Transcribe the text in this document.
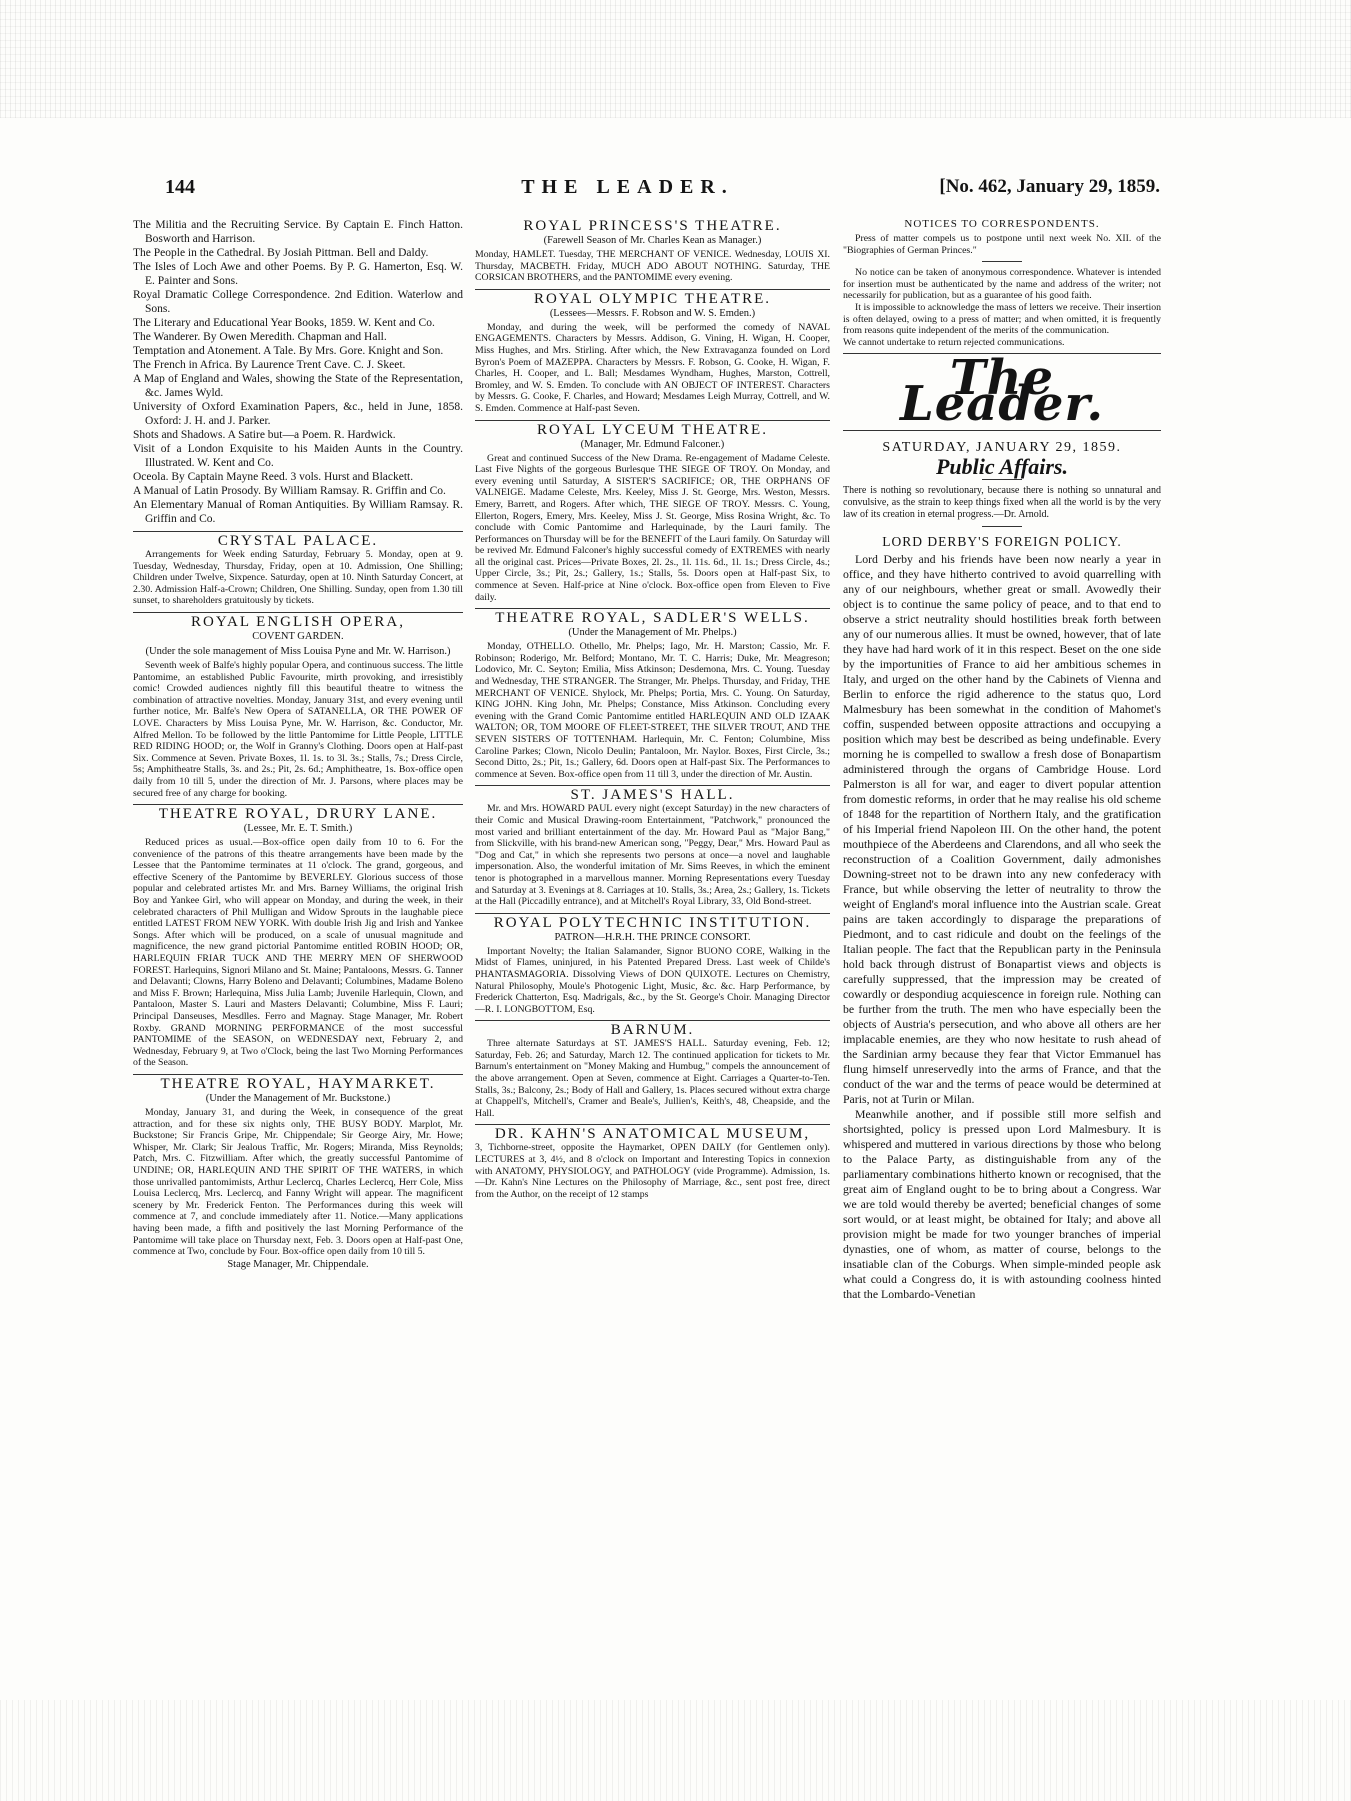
144	THE LEADER.	[No. 462, January 29, 1859.

The Militia and the Recruiting Service. By Captain E. Finch Hatton. Bosworth and Harrison.

The People in the Cathedral. By Josiah Pittman. Bell and Daldy.

The Isles of Loch Awe and other Poems. By P. G. Hamerton, Esq. W. E. Painter and Sons.

Royal Dramatic College Correspondence. 2nd Edition. Waterlow and Sons.

The Literary and Educational Year Books, 1859. W. Kent and Co.

The Wanderer. By Owen Meredith. Chapman and Hall.

Temptation and Atonement. A Tale. By Mrs. Gore. Knight and Son.

The French in Africa. By Laurence Trent Cave. C. J. Skeet.

A Map of England and Wales, showing the State of the Representation, &c. James Wyld.

University of Oxford Examination Papers, &c., held in June, 1858. Oxford: J. H. and J. Parker.

Shots and Shadows. A Satire but—a Poem. R. Hardwick.

Visit of a London Exquisite to his Maiden Aunts in the Country. Illustrated. W. Kent and Co.

Oceola. By Captain Mayne Reed. 3 vols. Hurst and Blackett.

A Manual of Latin Prosody. By William Ramsay. R. Griffin and Co.

An Elementary Manual of Roman Antiquities. By William Ramsay. R. Griffin and Co.

CRYSTAL PALACE.

Arrangements for Week ending Saturday, February 5. Monday, open at 9. Tuesday, Wednesday, Thursday, Friday, open at 10. Admission, One Shilling; Children under Twelve, Sixpence. Saturday, open at 10. Ninth Saturday Concert, at 2.30. Admission Half-a-Crown; Children, One Shilling. Sunday, open from 1.30 till sunset, to shareholders gratuitously by tickets.

ROYAL ENGLISH OPERA,
COVENT GARDEN.
(Under the sole management of Miss Louisa Pyne and Mr. W. Harrison.)

Seventh week of Balfe's highly popular Opera, and continuous success. The little Pantomime, an established Public Favourite, mirth provoking, and irresistibly comic! Crowded audiences nightly fill this beautiful theatre to witness the combination of attractive novelties. Monday, January 31st, and every evening until further notice, Mr. Balfe's New Opera of SATANELLA, OR THE POWER OF LOVE. Characters by Miss Louisa Pyne, Mr. W. Harrison, &c. Conductor, Mr. Alfred Mellon. To be followed by the little Pantomime for Little People, LITTLE RED RIDING HOOD; or, the Wolf in Granny's Clothing. Doors open at Half-past Six. Commence at Seven. Private Boxes, 1l. 1s. to 3l. 3s.; Stalls, 7s.; Dress Circle, 5s; Amphitheatre Stalls, 3s. and 2s.; Pit, 2s. 6d.; Amphitheatre, 1s. Box-office open daily from 10 till 5, under the direction of Mr. J. Parsons, where places may be secured free of any charge for booking.

THEATRE ROYAL, DRURY LANE.
(Lessee, Mr. E. T. Smith.)

Reduced prices as usual.—Box-office open daily from 10 to 6. For the convenience of the patrons of this theatre arrangements have been made by the Lessee that the Pantomime terminates at 11 o'clock. The grand, gorgeous, and effective Scenery of the Pantomime by BEVERLEY. Glorious success of those popular and celebrated artistes Mr. and Mrs. Barney Williams, the original Irish Boy and Yankee Girl, who will appear on Monday, and during the week, in their celebrated characters of Phil Mulligan and Widow Sprouts in the laughable piece entitled LATEST FROM NEW YORK. With double Irish Jig and Irish and Yankee Songs. After which will be produced, on a scale of unusual magnitude and magnificence, the new grand pictorial Pantomime entitled ROBIN HOOD; OR, HARLEQUIN FRIAR TUCK AND THE MERRY MEN OF SHERWOOD FOREST. Harlequins, Signori Milano and St. Maine; Pantaloons, Messrs. G. Tanner and Delavanti; Clowns, Harry Boleno and Delavanti; Columbines, Madame Boleno and Miss F. Brown; Harlequina, Miss Julia Lamb; Juvenile Harlequin, Clown, and Pantaloon, Master S. Lauri and Masters Delavanti; Columbine, Miss F. Lauri; Principal Danseuses, Mesdlles. Ferro and Magnay. Stage Manager, Mr. Robert Roxby. GRAND MORNING PERFORMANCE of the most successful PANTOMIME of the SEASON, on WEDNESDAY next, February 2, and Wednesday, February 9, at Two o'Clock, being the last Two Morning Performances of the Season.

THEATRE ROYAL, HAYMARKET.
(Under the Management of Mr. Buckstone.)

Monday, January 31, and during the Week, in consequence of the great attraction, and for these six nights only, THE BUSY BODY. Marplot, Mr. Buckstone; Sir Francis Gripe, Mr. Chippendale; Sir George Airy, Mr. Howe; Whisper, Mr. Clark; Sir Jealous Traffic, Mr. Rogers; Miranda, Miss Reynolds; Patch, Mrs. C. Fitzwilliam. After which, the greatly successful Pantomime of UNDINE; OR, HARLEQUIN AND THE SPIRIT OF THE WATERS, in which those unrivalled pantomimists, Arthur Leclercq, Charles Leclercq, Herr Cole, Miss Louisa Leclercq, Mrs. Leclercq, and Fanny Wright will appear. The magnificent scenery by Mr. Frederick Fenton. The Performances during this week will commence at 7, and conclude immediately after 11. Notice.—Many applications having been made, a fifth and positively the last Morning Performance of the Pantomime will take place on Thursday next, Feb. 3. Doors open at Half-past One, commence at Two, conclude by Four. Box-office open daily from 10 till 5.

Stage Manager, Mr. Chippendale.
ROYAL PRINCESS'S THEATRE.
(Farewell Season of Mr. Charles Kean as Manager.)

Monday, HAMLET. Tuesday, THE MERCHANT OF VENICE. Wednesday, LOUIS XI. Thursday, MACBETH. Friday, MUCH ADO ABOUT NOTHING. Saturday, THE CORSICAN BROTHERS, and the PANTOMIME every evening.

ROYAL OLYMPIC THEATRE.
(Lessees—Messrs. F. Robson and W. S. Emden.)

Monday, and during the week, will be performed the comedy of NAVAL ENGAGEMENTS. Characters by Messrs. Addison, G. Vining, H. Wigan, H. Cooper, Miss Hughes, and Mrs. Stirling. After which, the New Extravaganza founded on Lord Byron's Poem of MAZEPPA. Characters by Messrs. F. Robson, G. Cooke, H. Wigan, F. Charles, H. Cooper, and L. Ball; Mesdames Wyndham, Hughes, Marston, Cottrell, Bromley, and W. S. Emden. To conclude with AN OBJECT OF INTEREST. Characters by Messrs. G. Cooke, F. Charles, and Howard; Mesdames Leigh Murray, Cottrell, and W. S. Emden. Commence at Half-past Seven.

ROYAL LYCEUM THEATRE.
(Manager, Mr. Edmund Falconer.)

Great and continued Success of the New Drama. Re-engagement of Madame Celeste. Last Five Nights of the gorgeous Burlesque THE SIEGE OF TROY. On Monday, and every evening until Saturday, A SISTER'S SACRIFICE; OR, THE ORPHANS OF VALNEIGE. Madame Celeste, Mrs. Keeley, Miss J. St. George, Mrs. Weston, Messrs. Emery, Barrett, and Rogers. After which, THE SIEGE OF TROY. Messrs. C. Young, Ellerton, Rogers, Emery, Mrs. Keeley, Miss J. St. George, Miss Rosina Wright, &c. To conclude with Comic Pantomime and Harlequinade, by the Lauri family. The Performances on Thursday will be for the BENEFIT of the Lauri family. On Saturday will be revived Mr. Edmund Falconer's highly successful comedy of EXTREMES with nearly all the original cast. Prices—Private Boxes, 2l. 2s., 1l. 11s. 6d., 1l. 1s.; Dress Circle, 4s.; Upper Circle, 3s.; Pit, 2s.; Gallery, 1s.; Stalls, 5s. Doors open at Half-past Six, to commence at Seven. Half-price at Nine o'clock. Box-office open from Eleven to Five daily.

THEATRE ROYAL, SADLER'S WELLS.
(Under the Management of Mr. Phelps.)

Monday, OTHELLO. Othello, Mr. Phelps; Iago, Mr. H. Marston; Cassio, Mr. F. Robinson; Roderigo, Mr. Belford; Montano, Mr. T. C. Harris; Duke, Mr. Meagreson; Lodovico, Mr. C. Seyton; Emilia, Miss Atkinson; Desdemona, Mrs. C. Young. Tuesday and Wednesday, THE STRANGER. The Stranger, Mr. Phelps. Thursday, and Friday, THE MERCHANT OF VENICE. Shylock, Mr. Phelps; Portia, Mrs. C. Young. On Saturday, KING JOHN. King John, Mr. Phelps; Constance, Miss Atkinson. Concluding every evening with the Grand Comic Pantomime entitled HARLEQUIN AND OLD IZAAK WALTON; OR, TOM MOORE OF FLEET-STREET, THE SILVER TROUT, AND THE SEVEN SISTERS OF TOTTENHAM. Harlequin, Mr. C. Fenton; Columbine, Miss Caroline Parkes; Clown, Nicolo Deulin; Pantaloon, Mr. Naylor. Boxes, First Circle, 3s.; Second Ditto, 2s.; Pit, 1s.; Gallery, 6d. Doors open at Half-past Six. The Performances to commence at Seven. Box-office open from 11 till 3, under the direction of Mr. Austin.

ST. JAMES'S HALL.

Mr. and Mrs. HOWARD PAUL every night (except Saturday) in the new characters of their Comic and Musical Drawing-room Entertainment, "Patchwork," pronounced the most varied and brilliant entertainment of the day. Mr. Howard Paul as "Major Bang," from Slickville, with his brand-new American song, "Peggy, Dear," Mrs. Howard Paul as "Dog and Cat," in which she represents two persons at once—a novel and laughable impersonation. Also, the wonderful imitation of Mr. Sims Reeves, in which the eminent tenor is photographed in a marvellous manner. Morning Representations every Tuesday and Saturday at 3. Evenings at 8. Carriages at 10. Stalls, 3s.; Area, 2s.; Gallery, 1s. Tickets at the Hall (Piccadilly entrance), and at Mitchell's Royal Library, 33, Old Bond-street.

ROYAL POLYTECHNIC INSTITUTION.
PATRON—H.R.H. THE PRINCE CONSORT.

Important Novelty; the Italian Salamander, Signor BUONO CORE, Walking in the Midst of Flames, uninjured, in his Patented Prepared Dress. Last week of Childe's PHANTASMAGORIA. Dissolving Views of DON QUIXOTE. Lectures on Chemistry, Natural Philosophy, Moule's Photogenic Light, Music, &c. &c. Harp Performance, by Frederick Chatterton, Esq. Madrigals, &c., by the St. George's Choir. Managing Director—R. I. LONGBOTTOM, Esq.

BARNUM.

Three alternate Saturdays at ST. JAMES'S HALL. Saturday evening, Feb. 12; Saturday, Feb. 26; and Saturday, March 12. The continued application for tickets to Mr. Barnum's entertainment on "Money Making and Humbug," compels the announcement of the above arrangement. Open at Seven, commence at Eight. Carriages a Quarter-to-Ten. Stalls, 3s.; Balcony, 2s.; Body of Hall and Gallery, 1s. Places secured without extra charge at Chappell's, Mitchell's, Cramer and Beale's, Jullien's, Keith's, 48, Cheapside, and the Hall.

DR. KAHN'S ANATOMICAL MUSEUM,

3, Tichborne-street, opposite the Haymarket, OPEN DAILY (for Gentlemen only). LECTURES at 3, 4½, and 8 o'clock on Important and Interesting Topics in connexion with ANATOMY, PHYSIOLOGY, and PATHOLOGY (vide Programme). Admission, 1s.—Dr. Kahn's Nine Lectures on the Philosophy of Marriage, &c., sent post free, direct from the Author, on the receipt of 12 stamps

NOTICES TO CORRESPONDENTS.

Press of matter compels us to postpone until next week No. XII. of the "Biographies of German Princes."

No notice can be taken of anonymous correspondence. Whatever is intended for insertion must be authenticated by the name and address of the writer; not necessarily for publication, but as a guarantee of his good faith.

It is impossible to acknowledge the mass of letters we receive. Their insertion is often delayed, owing to a press of matter; and when omitted, it is frequently from reasons quite independent of the merits of the communication.

We cannot undertake to return rejected communications.

The Leader.
SATURDAY, JANUARY 29, 1859.
Public Affairs.

There is nothing so revolutionary, because there is nothing so unnatural and convulsive, as the strain to keep things fixed when all the world is by the very law of its creation in eternal progress.—Dr. Arnold.

LORD DERBY'S FOREIGN POLICY.

Lord Derby and his friends have been now nearly a year in office, and they have hitherto contrived to avoid quarrelling with any of our neighbours, whether great or small. Avowedly their object is to continue the same policy of peace, and to that end to observe a strict neutrality should hostilities break forth between any of our numerous allies. It must be owned, however, that of late they have had hard work of it in this respect. Beset on the one side by the importunities of France to aid her ambitious schemes in Italy, and urged on the other hand by the Cabinets of Vienna and Berlin to enforce the rigid adherence to the status quo, Lord Malmesbury has been somewhat in the condition of Mahomet's coffin, suspended between opposite attractions and occupying a position which may best be described as being undefinable. Every morning he is compelled to swallow a fresh dose of Bonapartism administered through the organs of Cambridge House. Lord Palmerston is all for war, and eager to divert popular attention from domestic reforms, in order that he may realise his old scheme of 1848 for the repartition of Northern Italy, and the gratification of his Imperial friend Napoleon III. On the other hand, the potent mouthpiece of the Aberdeens and Clarendons, and all who seek the reconstruction of a Coalition Government, daily admonishes Downing-street not to be drawn into any new confederacy with France, but while observing the letter of neutrality to throw the weight of England's moral influence into the Austrian scale. Great pains are taken accordingly to disparage the preparations of Piedmont, and to cast ridicule and doubt on the feelings of the Italian people. The fact that the Republican party in the Peninsula hold back through distrust of Bonapartist views and objects is carefully suppressed, that the impression may be created of cowardly or despondiug acquiescence in foreign rule. Nothing can be further from the truth. The men who have especially been the objects of Austria's persecution, and who above all others are her implacable enemies, are they who now hesitate to rush ahead of the Sardinian army because they fear that Victor Emmanuel has flung himself unreservedly into the arms of France, and that the conduct of the war and the terms of peace would be determined at Paris, not at Turin or Milan.

Meanwhile another, and if possible still more selfish and shortsighted, policy is pressed upon Lord Malmesbury. It is whispered and muttered in various directions by those who belong to the Palace Party, as distinguishable from any of the parliamentary combinations hitherto known or recognised, that the great aim of England ought to be to bring about a Congress. War we are told would thereby be averted; beneficial changes of some sort would, or at least might, be obtained for Italy; and above all provision might be made for two younger branches of imperial dynasties, one of whom, as matter of course, belongs to the insatiable clan of the Coburgs. When simple-minded people ask what could a Congress do, it is with astounding coolness hinted that the Lombardo-Venetian
